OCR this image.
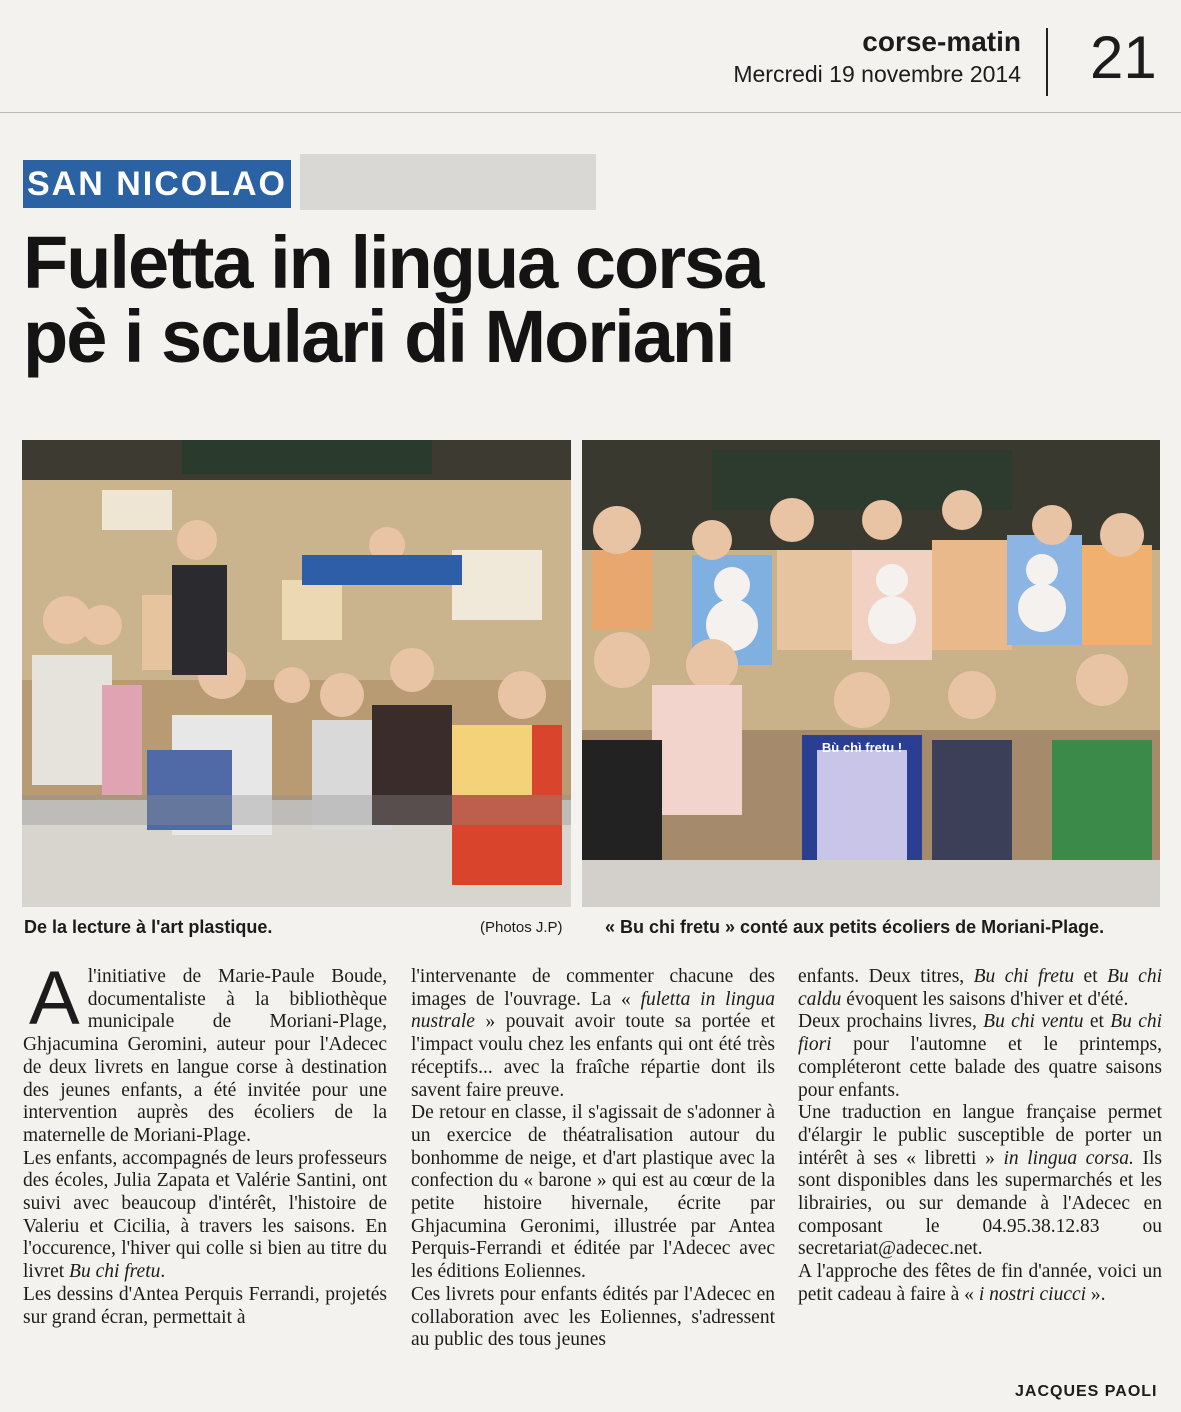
corse-matin
Mercredi 19 novembre 2014 21
SAN NICOLAO
Fuletta in lingua corsa
pè i sculari di Moriani
Bù chì fretu !
De la lecture à l'art plastique.	(Photos J.P) « Bu chi fretu » conté aux petits écoliers de Moriani-Plage.

Al'initiative de Marie-Paule Boude, documentaliste à la bibliothèque municipale de Moriani-Plage, Ghjacumina Geromini, auteur pour l'Adecec de deux livrets en langue corse à destination des jeunes enfants, a été invitée pour une intervention auprès des écoliers de la maternelle de Moriani-Plage.

Les enfants, accompagnés de leurs professeurs des écoles, Julia Zapata et Valérie Santini, ont suivi avec beaucoup d'intérêt, l'histoire de Valeriu et Cicilia, à travers les saisons. En l'occurence, l'hiver qui colle si bien au titre du livret Bu chi fretu.

Les dessins d'Antea Perquis Ferrandi, projetés sur grand écran, permettait à

l'intervenante de commenter chacune des images de l'ouvrage. La « fuletta in lingua nustrale » pouvait avoir toute sa portée et l'impact voulu chez les enfants qui ont été très réceptifs... avec la fraîche répartie dont ils savent faire preuve.

De retour en classe, il s'agissait de s'adonner à un exercice de théatralisation autour du bonhomme de neige, et d'art plastique avec la confection du « barone » qui est au cœur de la petite histoire hivernale, écrite par Ghjacumina Geronimi, illustrée par Antea Perquis-Ferrandi et éditée par l'Adecec avec les éditions Eoliennes.

Ces livrets pour enfants édités par l'Adecec en collaboration avec les Eoliennes, s'adressent au public des tous jeunes

enfants. Deux titres, Bu chi fretu et Bu chi caldu évoquent les saisons d'hiver et d'été.

Deux prochains livres, Bu chi ventu et Bu chi fiori pour l'automne et le printemps, compléteront cette balade des quatre saisons pour enfants.

Une traduction en langue française permet d'élargir le public susceptible de porter un intérêt à ses « libretti » in lingua corsa. Ils sont disponibles dans les supermarchés et les librairies, ou sur demande à l'Adecec en composant le 04.95.38.12.83 ou secretariat@adecec.net.

A l'approche des fêtes de fin d'année, voici un petit cadeau à faire à « i nostri ciucci ».

JACQUES PAOLI
